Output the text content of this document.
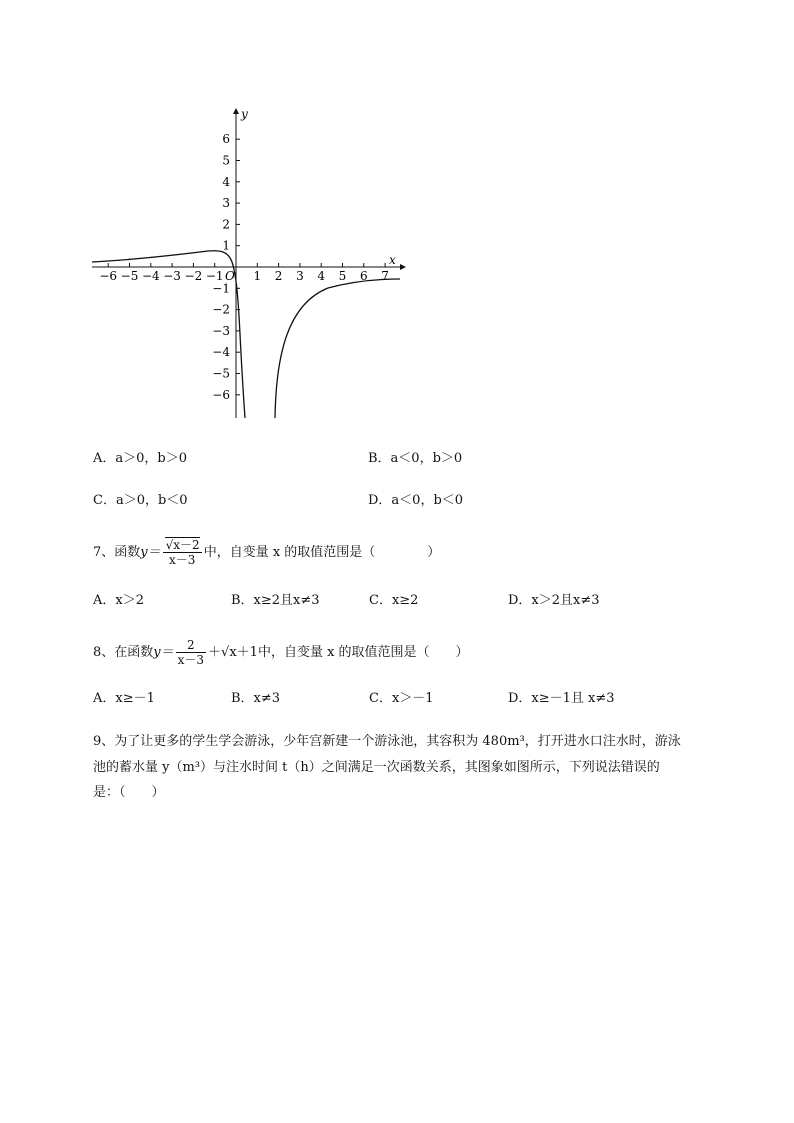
x
y
O
−6 −5 −4 −3 −2 −1 1 2 3 4 5 6 7
6
5
4
3
2
1
−1
−2
−3
−4
−5
−6
A．a＞0，b＞0	B．a＜0，b＞0
C．a＞0，b＜0	D．a＜0，b＜0
7、函数$y= \frac{√x-2}{x-3}$ 中，自变量 x 的取值范围是（　　　　）
A．x＞2	B．x≥2且x≠3	C．x≥2	D．x＞2且x≠3
8、在函数$y= \frac{2}{x-3} +√x+1$中，自变量 x 的取值范围是（　　）
A．x≥－1	B．x≠3	C．x＞－1	D．x≥－1且 x≠3
9、为了让更多的学生学会游泳，少年宫新建一个游泳池，其容积为 480m³，打开进水口注水时，游泳
池的蓄水量 y（m³）与注水时间 t（h）之间满足一次函数关系，其图象如图所示，下列说法错误的
是：（　　）
